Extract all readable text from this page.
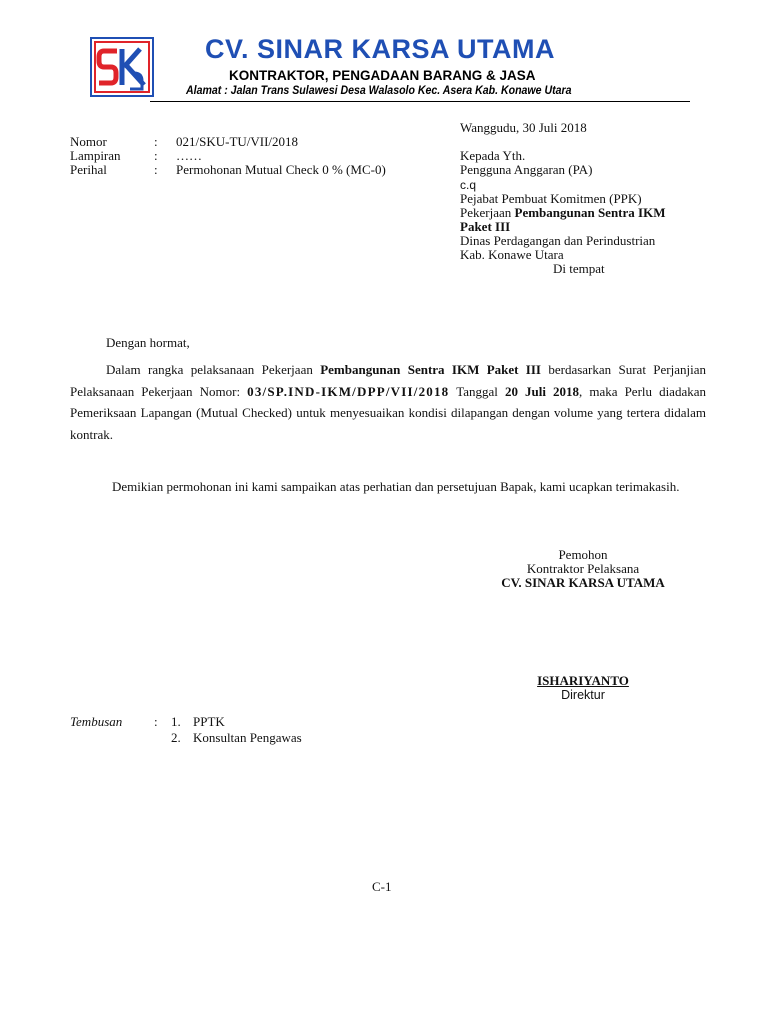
CV. SINAR KARSA UTAMA
KONTRAKTOR, PENGADAAN BARANG & JASA
Alamat : Jalan Trans Sulawesi Desa Walasolo Kec. Asera Kab. Konawe Utara
Wanggudu, 30 Juli 2018
Nomor	: 021/SKU-TU/VII/2018
Lampiran	: ……
Perihal	: Permohonan Mutual Check 0 % (MC-0)
Kepada Yth.
Pengguna Anggaran (PA)
c.q
Pejabat Pembuat Komitmen (PPK)
Pekerjaan Pembangunan Sentra IKM
Paket III
Dinas Perdagangan dan Perindustrian
Kab. Konawe Utara
Di tempat
Dengan hormat,
Dalam rangka pelaksanaan Pekerjaan Pembangunan Sentra IKM Paket III berdasarkan Surat Perjanjian Pelaksanaan Pekerjaan Nomor: 03/SP.IND-IKM/DPP/VII/2018 Tanggal 20 Juli 2018, maka Perlu diadakan Pemeriksaan Lapangan (Mutual Checked) untuk menyesuaikan kondisi dilapangan dengan volume yang tertera didalam kontrak.
Demikian permohonan ini kami sampaikan atas perhatian dan persetujuan Bapak, kami ucapkan terimakasih.
Pemohon
Kontraktor Pelaksana
CV. SINAR KARSA UTAMA
ISHARIYANTO
Direktur
Tembusan : 1. PPTK
2. Konsultan Pengawas
C-1
